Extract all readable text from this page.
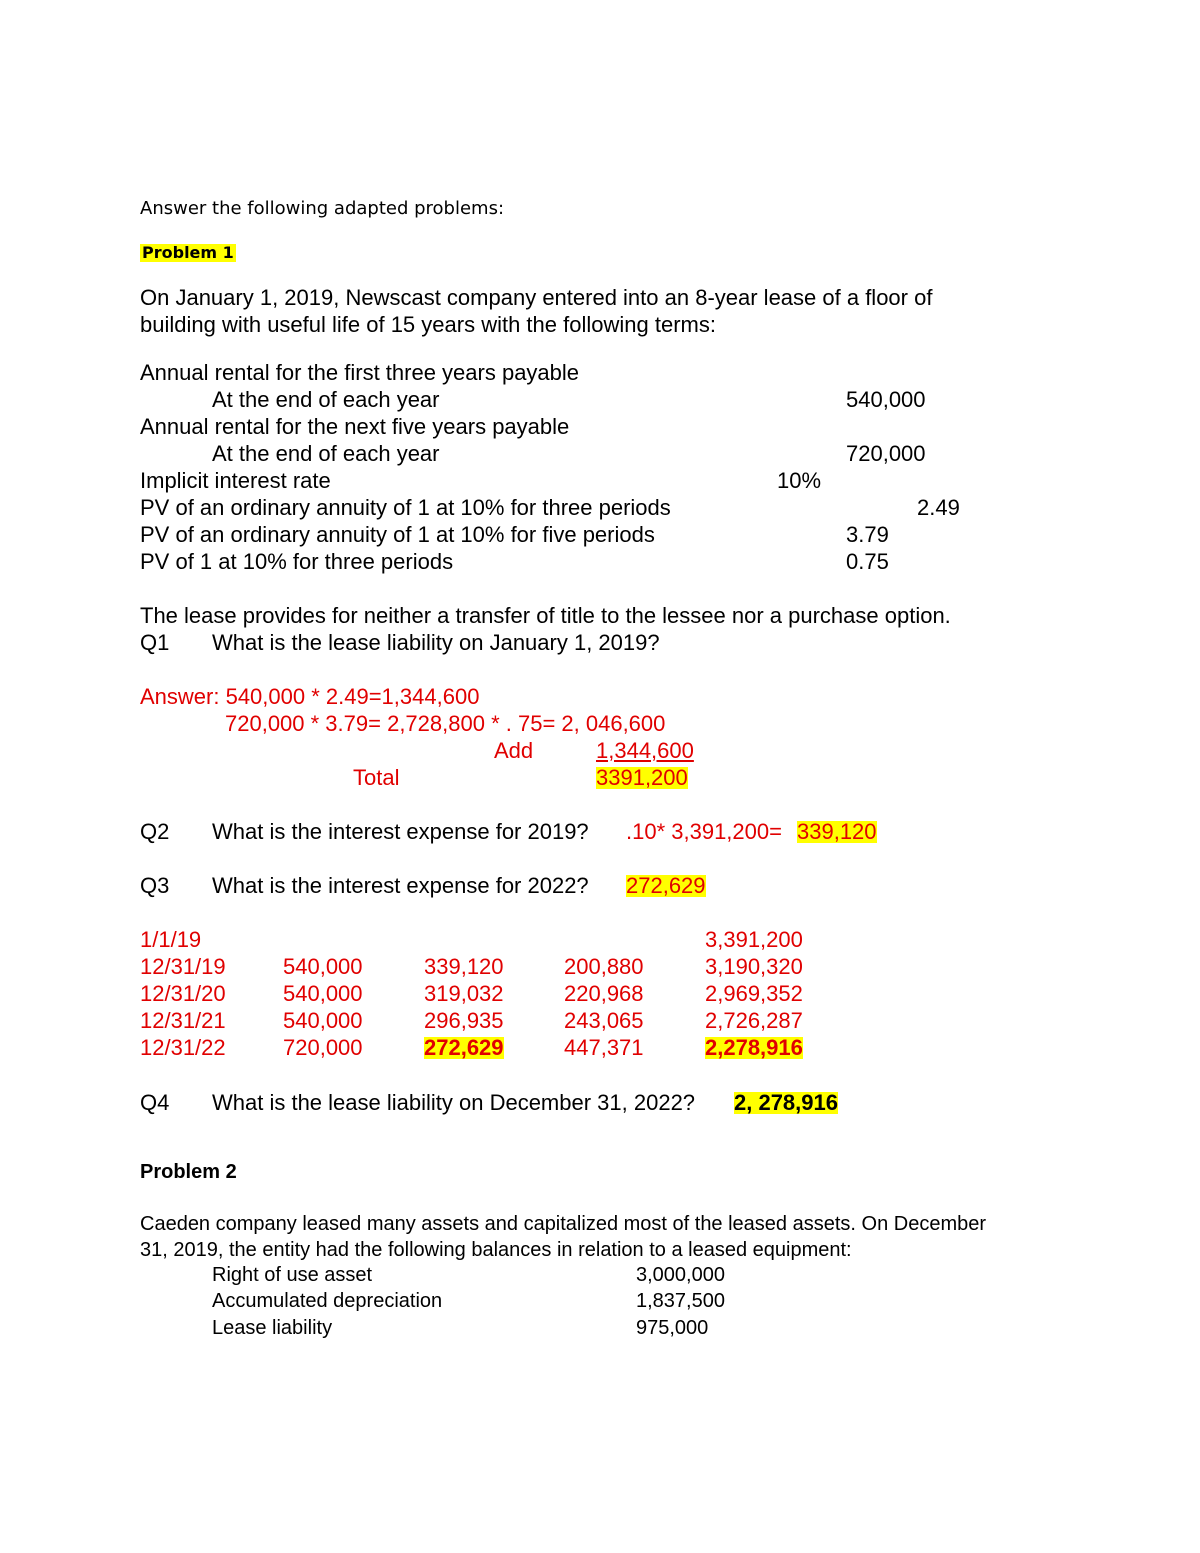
Answer the following adapted problems:
Problem 1
On January 1, 2019, Newscast company entered into an 8-year lease of a floor of
building with useful life of 15 years with the following terms:
Annual rental for the first three years payable
At the end of each year	540,000
Annual rental for the next five years payable
At the end of each year	720,000
Implicit interest rate	10%
PV of an ordinary annuity of 1 at 10% for three periods	2.49
PV of an ordinary annuity of 1 at 10% for five periods	3.79
PV of 1 at 10% for three periods	0.75
The lease provides for neither a transfer of title to the lessee nor a purchase option.
Q1 What is the lease liability on January 1, 2019?
Answer: 540,000 * 2.49=1,344,600
720,000 * 3.79= 2,728,800 * . 75= 2, 046,600
Add	1,344,600
Total	3391,200
Q2 What is the interest expense for 2019? .10* 3,391,200= 339,120
Q3 What is the interest expense for 2022? 272,629
1/1/19	3,391,200
12/31/19	540,000	339,120	200,880	3,190,320
12/31/20	540,000	319,032	220,968	2,969,352
12/31/21	540,000	296,935	243,065	2,726,287
12/31/22	720,000	272,629	447,371	2,278,916
Q4 What is the lease liability on December 31, 2022? 2, 278,916
Problem 2
Caeden company leased many assets and capitalized most of the leased assets. On December
31, 2019, the entity had the following balances in relation to a leased equipment:
Right of use asset	3,000,000
Accumulated depreciation	1,837,500
Lease liability	975,000
